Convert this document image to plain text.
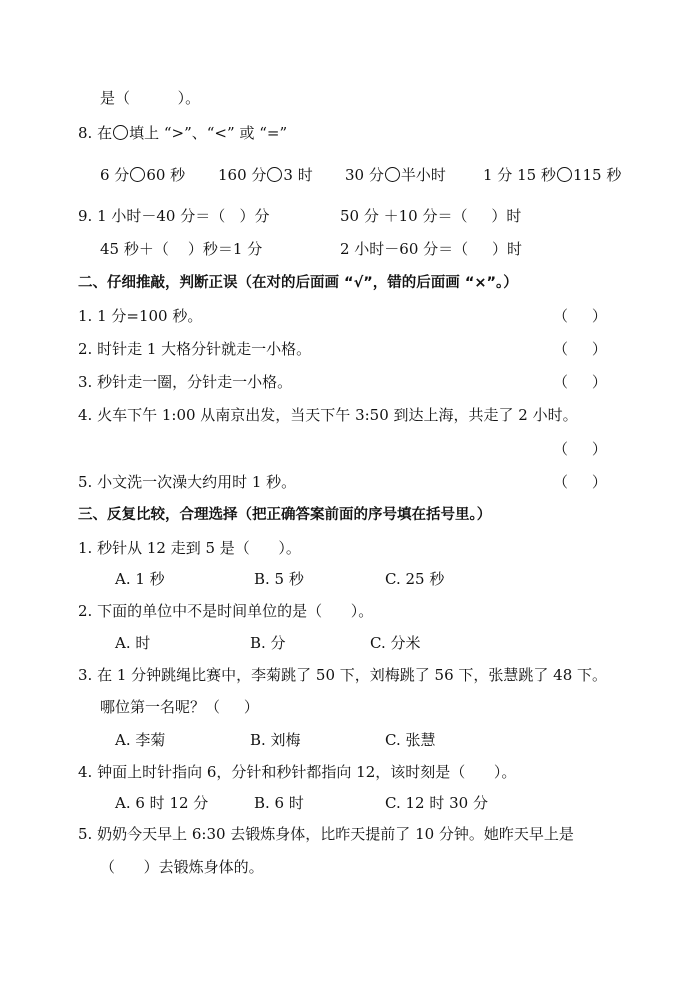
是（          ）。
8. 在 填上 “>”、“<” 或 “=”
6 分 60 秒 160 分 3 时 30 分 半小时 1 分 15 秒 115 秒
9. 1 小时－40 分＝（   ）分	50 分 ＋10 分＝（     ）时
45 秒＋（    ）秒＝1 分	2 小时－60 分＝（     ）时
二、仔细推敲，判断正误（在对的后面画 “√”，错的后面画 “×”。）
1. 1 分=100 秒。	（     ）
2. 时针走 1 大格分针就走一小格。	（     ）
3. 秒针走一圈，分针走一小格。	（     ）
4. 火车下午 1:00 从南京出发，当天下午 3:50 到达上海，共走了 2 小时。
（     ）
5. 小文洗一次澡大约用时 1 秒。	（     ）
三、反复比较，合理选择（把正确答案前面的序号填在括号里。）
1. 秒针从 12 走到 5 是（      ）。
A. 1 秒	B. 5 秒	C. 25 秒
2. 下面的单位中不是时间单位的是（      ）。
A. 时	B. 分	C. 分米
3. 在 1 分钟跳绳比赛中，李菊跳了 50 下，刘梅跳了 56 下，张慧跳了 48 下。
哪位第一名呢？（     ）
A. 李菊	B. 刘梅	C. 张慧
4. 钟面上时针指向 6，分针和秒针都指向 12，该时刻是（      ）。
A. 6 时 12 分	B. 6 时	C. 12 时 30 分
5. 奶奶今天早上 6:30 去锻炼身体，比昨天提前了 10 分钟。她昨天早上是
（      ）去锻炼身体的。
